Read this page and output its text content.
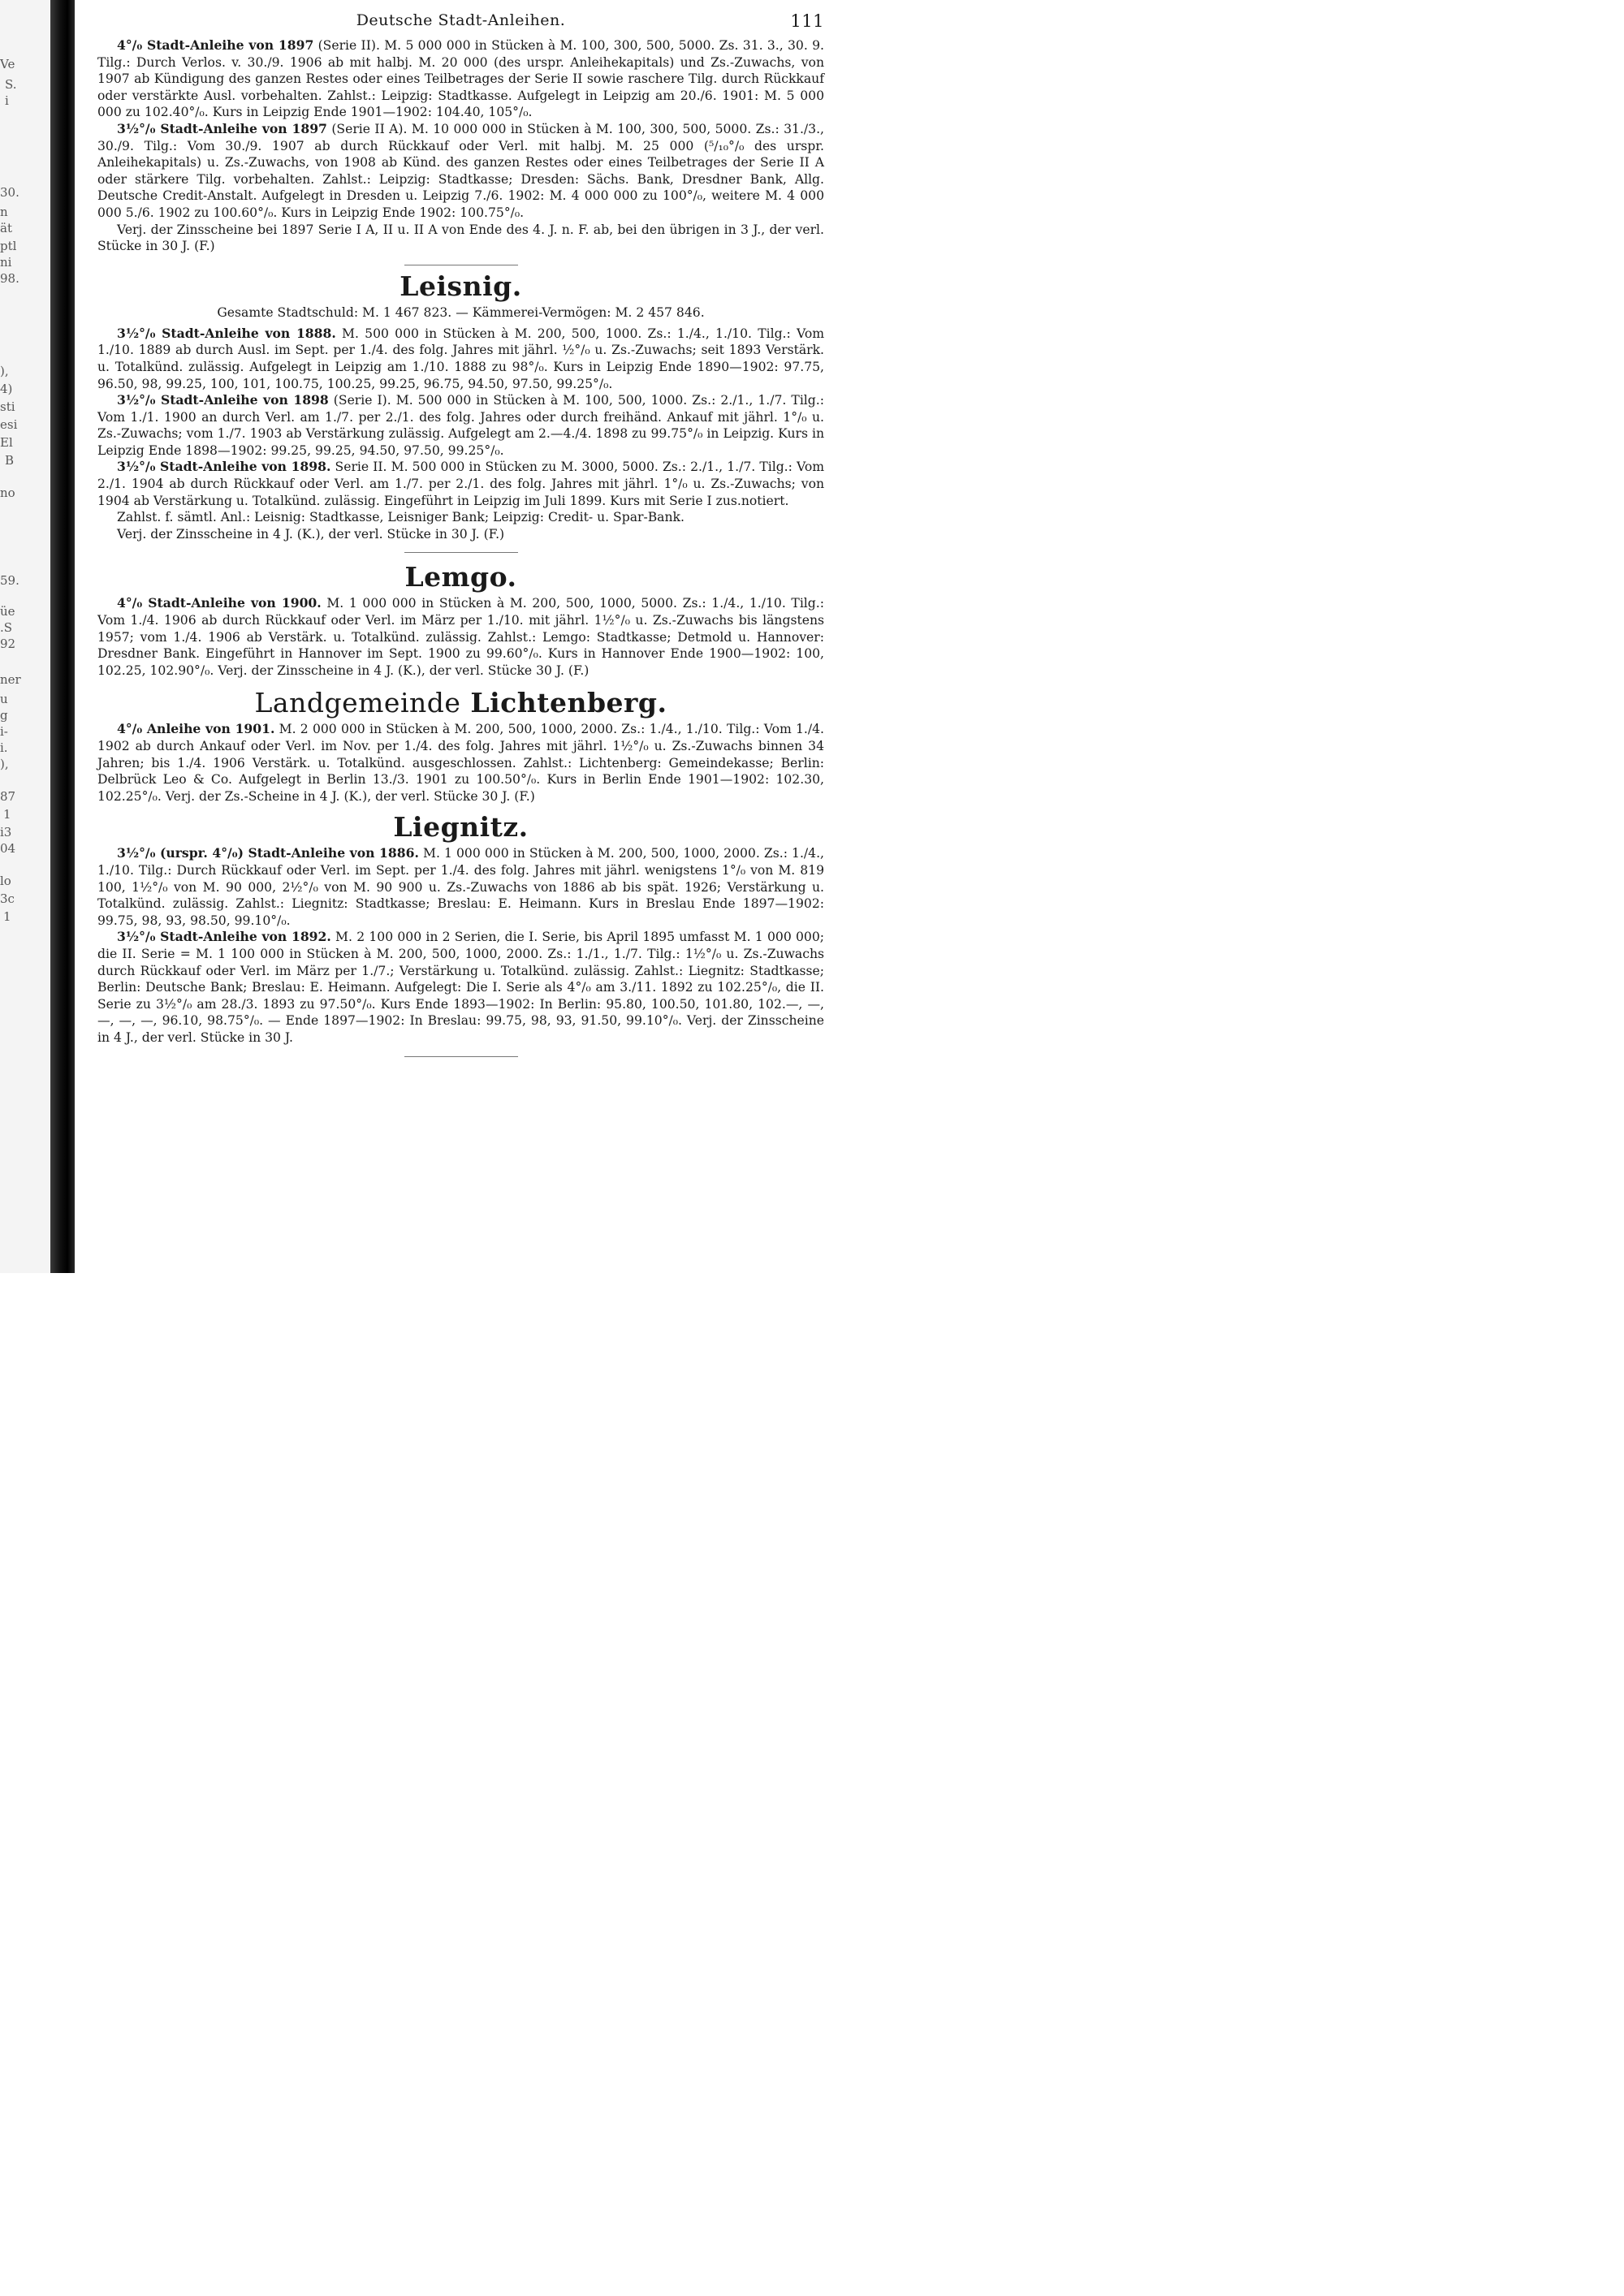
Ve
S.
i
30.
n
ät
ptl
ni
98.
),
4)
sti
esi
El
B
no
59.
üe
.S
92
ner
u
g
i-
i.
),
87
1
i3
04
lo
3c
1
Deutsche Stadt-Anleihen.	111

4°/₀ Stadt-Anleihe von 1897 (Serie II). M. 5 000 000 in Stücken à M. 100, 300, 500, 5000. Zs. 31. 3., 30. 9. Tilg.: Durch Verlos. v. 30./9. 1906 ab mit halbj. M. 20 000 (des urspr. Anleihekapitals) und Zs.-Zuwachs, von 1907 ab Kündigung des ganzen Restes oder eines Teilbetrages der Serie II sowie raschere Tilg. durch Rückkauf oder verstärkte Ausl. vorbehalten. Zahlst.: Leipzig: Stadtkasse. Aufgelegt in Leipzig am 20./6. 1901: M. 5 000 000 zu 102.40°/₀. Kurs in Leipzig Ende 1901—1902: 104.40, 105°/₀.

3½°/₀ Stadt-Anleihe von 1897 (Serie II A). M. 10 000 000 in Stücken à M. 100, 300, 500, 5000. Zs.: 31./3., 30./9. Tilg.: Vom 30./9. 1907 ab durch Rückkauf oder Verl. mit halbj. M. 25 000 (⁵/₁₀°/₀ des urspr. Anleihekapitals) u. Zs.-Zuwachs, von 1908 ab Künd. des ganzen Restes oder eines Teilbetrages der Serie II A oder stärkere Tilg. vorbehalten. Zahlst.: Leipzig: Stadtkasse; Dresden: Sächs. Bank, Dresdner Bank, Allg. Deutsche Credit-Anstalt. Aufgelegt in Dresden u. Leipzig 7./6. 1902: M. 4 000 000 zu 100°/₀, weitere M. 4 000 000 5./6. 1902 zu 100.60°/₀. Kurs in Leipzig Ende 1902: 100.75°/₀.

Verj. der Zinsscheine bei 1897 Serie I A, II u. II A von Ende des 4. J. n. F. ab, bei den übrigen in 3 J., der verl. Stücke in 30 J. (F.)

Leisnig.

Gesamte Stadtschuld: M. 1 467 823. — Kämmerei-Vermögen: M. 2 457 846.

3½°/₀ Stadt-Anleihe von 1888. M. 500 000 in Stücken à M. 200, 500, 1000. Zs.: 1./4., 1./10. Tilg.: Vom 1./10. 1889 ab durch Ausl. im Sept. per 1./4. des folg. Jahres mit jährl. ½°/₀ u. Zs.-Zuwachs; seit 1893 Verstärk. u. Totalkünd. zulässig. Aufgelegt in Leipzig am 1./10. 1888 zu 98°/₀. Kurs in Leipzig Ende 1890—1902: 97.75, 96.50, 98, 99.25, 100, 101, 100.75, 100.25, 99.25, 96.75, 94.50, 97.50, 99.25°/₀.

3½°/₀ Stadt-Anleihe von 1898 (Serie I). M. 500 000 in Stücken à M. 100, 500, 1000. Zs.: 2./1., 1./7. Tilg.: Vom 1./1. 1900 an durch Verl. am 1./7. per 2./1. des folg. Jahres oder durch freihänd. Ankauf mit jährl. 1°/₀ u. Zs.-Zuwachs; vom 1./7. 1903 ab Verstärkung zulässig. Aufgelegt am 2.—4./4. 1898 zu 99.75°/₀ in Leipzig. Kurs in Leipzig Ende 1898—1902: 99.25, 99.25, 94.50, 97.50, 99.25°/₀.

3½°/₀ Stadt-Anleihe von 1898. Serie II. M. 500 000 in Stücken zu M. 3000, 5000. Zs.: 2./1., 1./7. Tilg.: Vom 2./1. 1904 ab durch Rückkauf oder Verl. am 1./7. per 2./1. des folg. Jahres mit jährl. 1°/₀ u. Zs.-Zuwachs; von 1904 ab Verstärkung u. Totalkünd. zulässig. Eingeführt in Leipzig im Juli 1899. Kurs mit Serie I zus.notiert.

Zahlst. f. sämtl. Anl.: Leisnig: Stadtkasse, Leisniger Bank; Leipzig: Credit- u. Spar-Bank.

Verj. der Zinsscheine in 4 J. (K.), der verl. Stücke in 30 J. (F.)

Lemgo.

4°/₀ Stadt-Anleihe von 1900. M. 1 000 000 in Stücken à M. 200, 500, 1000, 5000. Zs.: 1./4., 1./10. Tilg.: Vom 1./4. 1906 ab durch Rückkauf oder Verl. im März per 1./10. mit jährl. 1½°/₀ u. Zs.-Zuwachs bis längstens 1957; vom 1./4. 1906 ab Verstärk. u. Totalkünd. zulässig. Zahlst.: Lemgo: Stadtkasse; Detmold u. Hannover: Dresdner Bank. Eingeführt in Hannover im Sept. 1900 zu 99.60°/₀. Kurs in Hannover Ende 1900—1902: 100, 102.25, 102.90°/₀. Verj. der Zinsscheine in 4 J. (K.), der verl. Stücke 30 J. (F.)

Landgemeinde Lichtenberg.

4°/₀ Anleihe von 1901. M. 2 000 000 in Stücken à M. 200, 500, 1000, 2000. Zs.: 1./4., 1./10. Tilg.: Vom 1./4. 1902 ab durch Ankauf oder Verl. im Nov. per 1./4. des folg. Jahres mit jährl. 1½°/₀ u. Zs.-Zuwachs binnen 34 Jahren; bis 1./4. 1906 Verstärk. u. Totalkünd. ausgeschlossen. Zahlst.: Lichtenberg: Gemeindekasse; Berlin: Delbrück Leo & Co. Aufgelegt in Berlin 13./3. 1901 zu 100.50°/₀. Kurs in Berlin Ende 1901—1902: 102.30, 102.25°/₀. Verj. der Zs.-Scheine in 4 J. (K.), der verl. Stücke 30 J. (F.)

Liegnitz.

3½°/₀ (urspr. 4°/₀) Stadt-Anleihe von 1886. M. 1 000 000 in Stücken à M. 200, 500, 1000, 2000. Zs.: 1./4., 1./10. Tilg.: Durch Rückkauf oder Verl. im Sept. per 1./4. des folg. Jahres mit jährl. wenigstens 1°/₀ von M. 819 100, 1½°/₀ von M. 90 000, 2½°/₀ von M. 90 900 u. Zs.-Zuwachs von 1886 ab bis spät. 1926; Verstärkung u. Totalkünd. zulässig. Zahlst.: Liegnitz: Stadtkasse; Breslau: E. Heimann. Kurs in Breslau Ende 1897—1902: 99.75, 98, 93, 98.50, 99.10°/₀.

3½°/₀ Stadt-Anleihe von 1892. M. 2 100 000 in 2 Serien, die I. Serie, bis April 1895 umfasst M. 1 000 000; die II. Serie = M. 1 100 000 in Stücken à M. 200, 500, 1000, 2000. Zs.: 1./1., 1./7. Tilg.: 1½°/₀ u. Zs.-Zuwachs durch Rückkauf oder Verl. im März per 1./7.; Verstärkung u. Totalkünd. zulässig. Zahlst.: Liegnitz: Stadtkasse; Berlin: Deutsche Bank; Breslau: E. Heimann. Aufgelegt: Die I. Serie als 4°/₀ am 3./11. 1892 zu 102.25°/₀, die II. Serie zu 3½°/₀ am 28./3. 1893 zu 97.50°/₀. Kurs Ende 1893—1902: In Berlin: 95.80, 100.50, 101.80, 102.—, —, —, —, —, 96.10, 98.75°/₀. — Ende 1897—1902: In Breslau: 99.75, 98, 93, 91.50, 99.10°/₀. Verj. der Zinsscheine in 4 J., der verl. Stücke in 30 J.
